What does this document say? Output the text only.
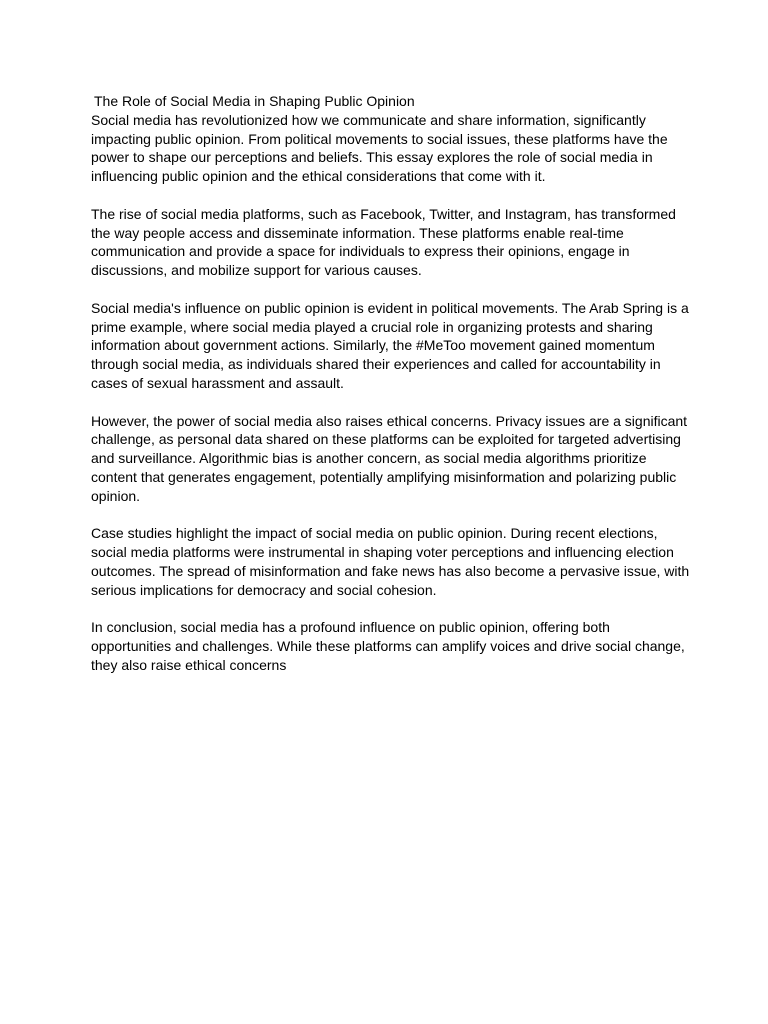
The Role of Social Media in Shaping Public Opinion

Social media has revolutionized how we communicate and share information, significantly impacting public opinion. From political movements to social issues, these platforms have the power to shape our perceptions and beliefs. This essay explores the role of social media in influencing public opinion and the ethical considerations that come with it.

The rise of social media platforms, such as Facebook, Twitter, and Instagram, has transformed the way people access and disseminate information. These platforms enable real-time communication and provide a space for individuals to express their opinions, engage in discussions, and mobilize support for various causes.

Social media's influence on public opinion is evident in political movements. The Arab Spring is a prime example, where social media played a crucial role in organizing protests and sharing information about government actions. Similarly, the #MeToo movement gained momentum through social media, as individuals shared their experiences and called for accountability in cases of sexual harassment and assault.

However, the power of social media also raises ethical concerns. Privacy issues are a significant challenge, as personal data shared on these platforms can be exploited for targeted advertising and surveillance. Algorithmic bias is another concern, as social media algorithms prioritize content that generates engagement, potentially amplifying misinformation and polarizing public opinion.

Case studies highlight the impact of social media on public opinion. During recent elections, social media platforms were instrumental in shaping voter perceptions and influencing election outcomes. The spread of misinformation and fake news has also become a pervasive issue, with serious implications for democracy and social cohesion.

In conclusion, social media has a profound influence on public opinion, offering both opportunities and challenges. While these platforms can amplify voices and drive social change, they also raise ethical concerns
